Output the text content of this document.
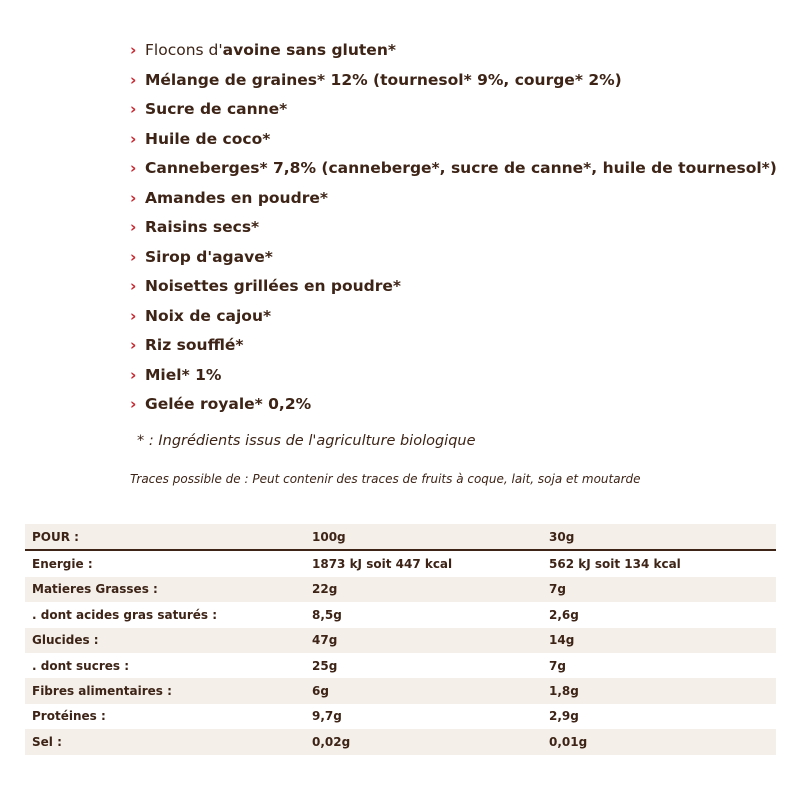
› Flocons d'avoine sans gluten*
› Mélange de graines* 12% (tournesol* 9%, courge* 2%)
› Sucre de canne*
› Huile de coco*
› Canneberges* 7,8% (canneberge*, sucre de canne*, huile de tournesol*)
› Amandes en poudre*
› Raisins secs*
› Sirop d'agave*
› Noisettes grillées en poudre*
› Noix de cajou*
› Riz soufflé*
› Miel* 1%
› Gelée royale* 0,2%
* : Ingrédients issus de l'agriculture biologique
Traces possible de : Peut contenir des traces de fruits à coque, lait, soja et moutarde
POUR :	100g	30g
Energie :	1873 kJ soit 447 kcal	562 kJ soit 134 kcal
Matieres Grasses :	22g	7g
. dont acides gras saturés :	8,5g	2,6g
Glucides :	47g	14g
. dont sucres :	25g	7g
Fibres alimentaires :	6g	1,8g
Protéines :	9,7g	2,9g
Sel :	0,02g	0,01g
